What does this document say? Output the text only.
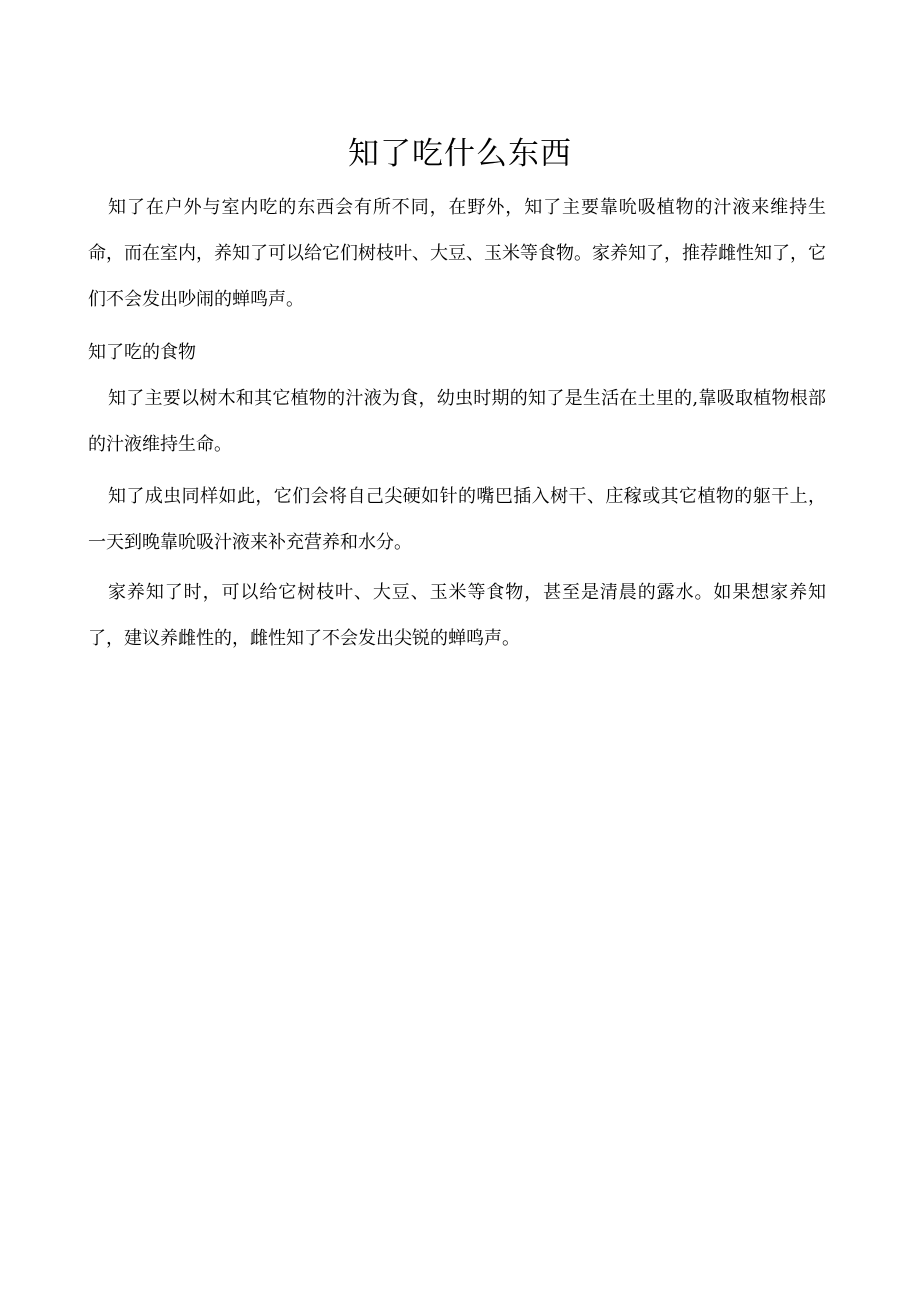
知了吃什么东西

知了在户外与室内吃的东西会有所不同，在野外，知了主要靠吮吸植物的汁液来维持生命，而在室内，养知了可以给它们树枝叶、大豆、玉米等食物。家养知了，推荐雌性知了，它们不会发出吵闹的蝉鸣声。

知了吃的食物

知了主要以树木和其它植物的汁液为食，幼虫时期的知了是生活在土里的,靠吸取植物根部的汁液维持生命。

知了成虫同样如此，它们会将自己尖硬如针的嘴巴插入树干、庄稼或其它植物的躯干上，一天到晚靠吮吸汁液来补充营养和水分。

家养知了时，可以给它树枝叶、大豆、玉米等食物，甚至是清晨的露水。如果想家养知了，建议养雌性的，雌性知了不会发出尖锐的蝉鸣声。
